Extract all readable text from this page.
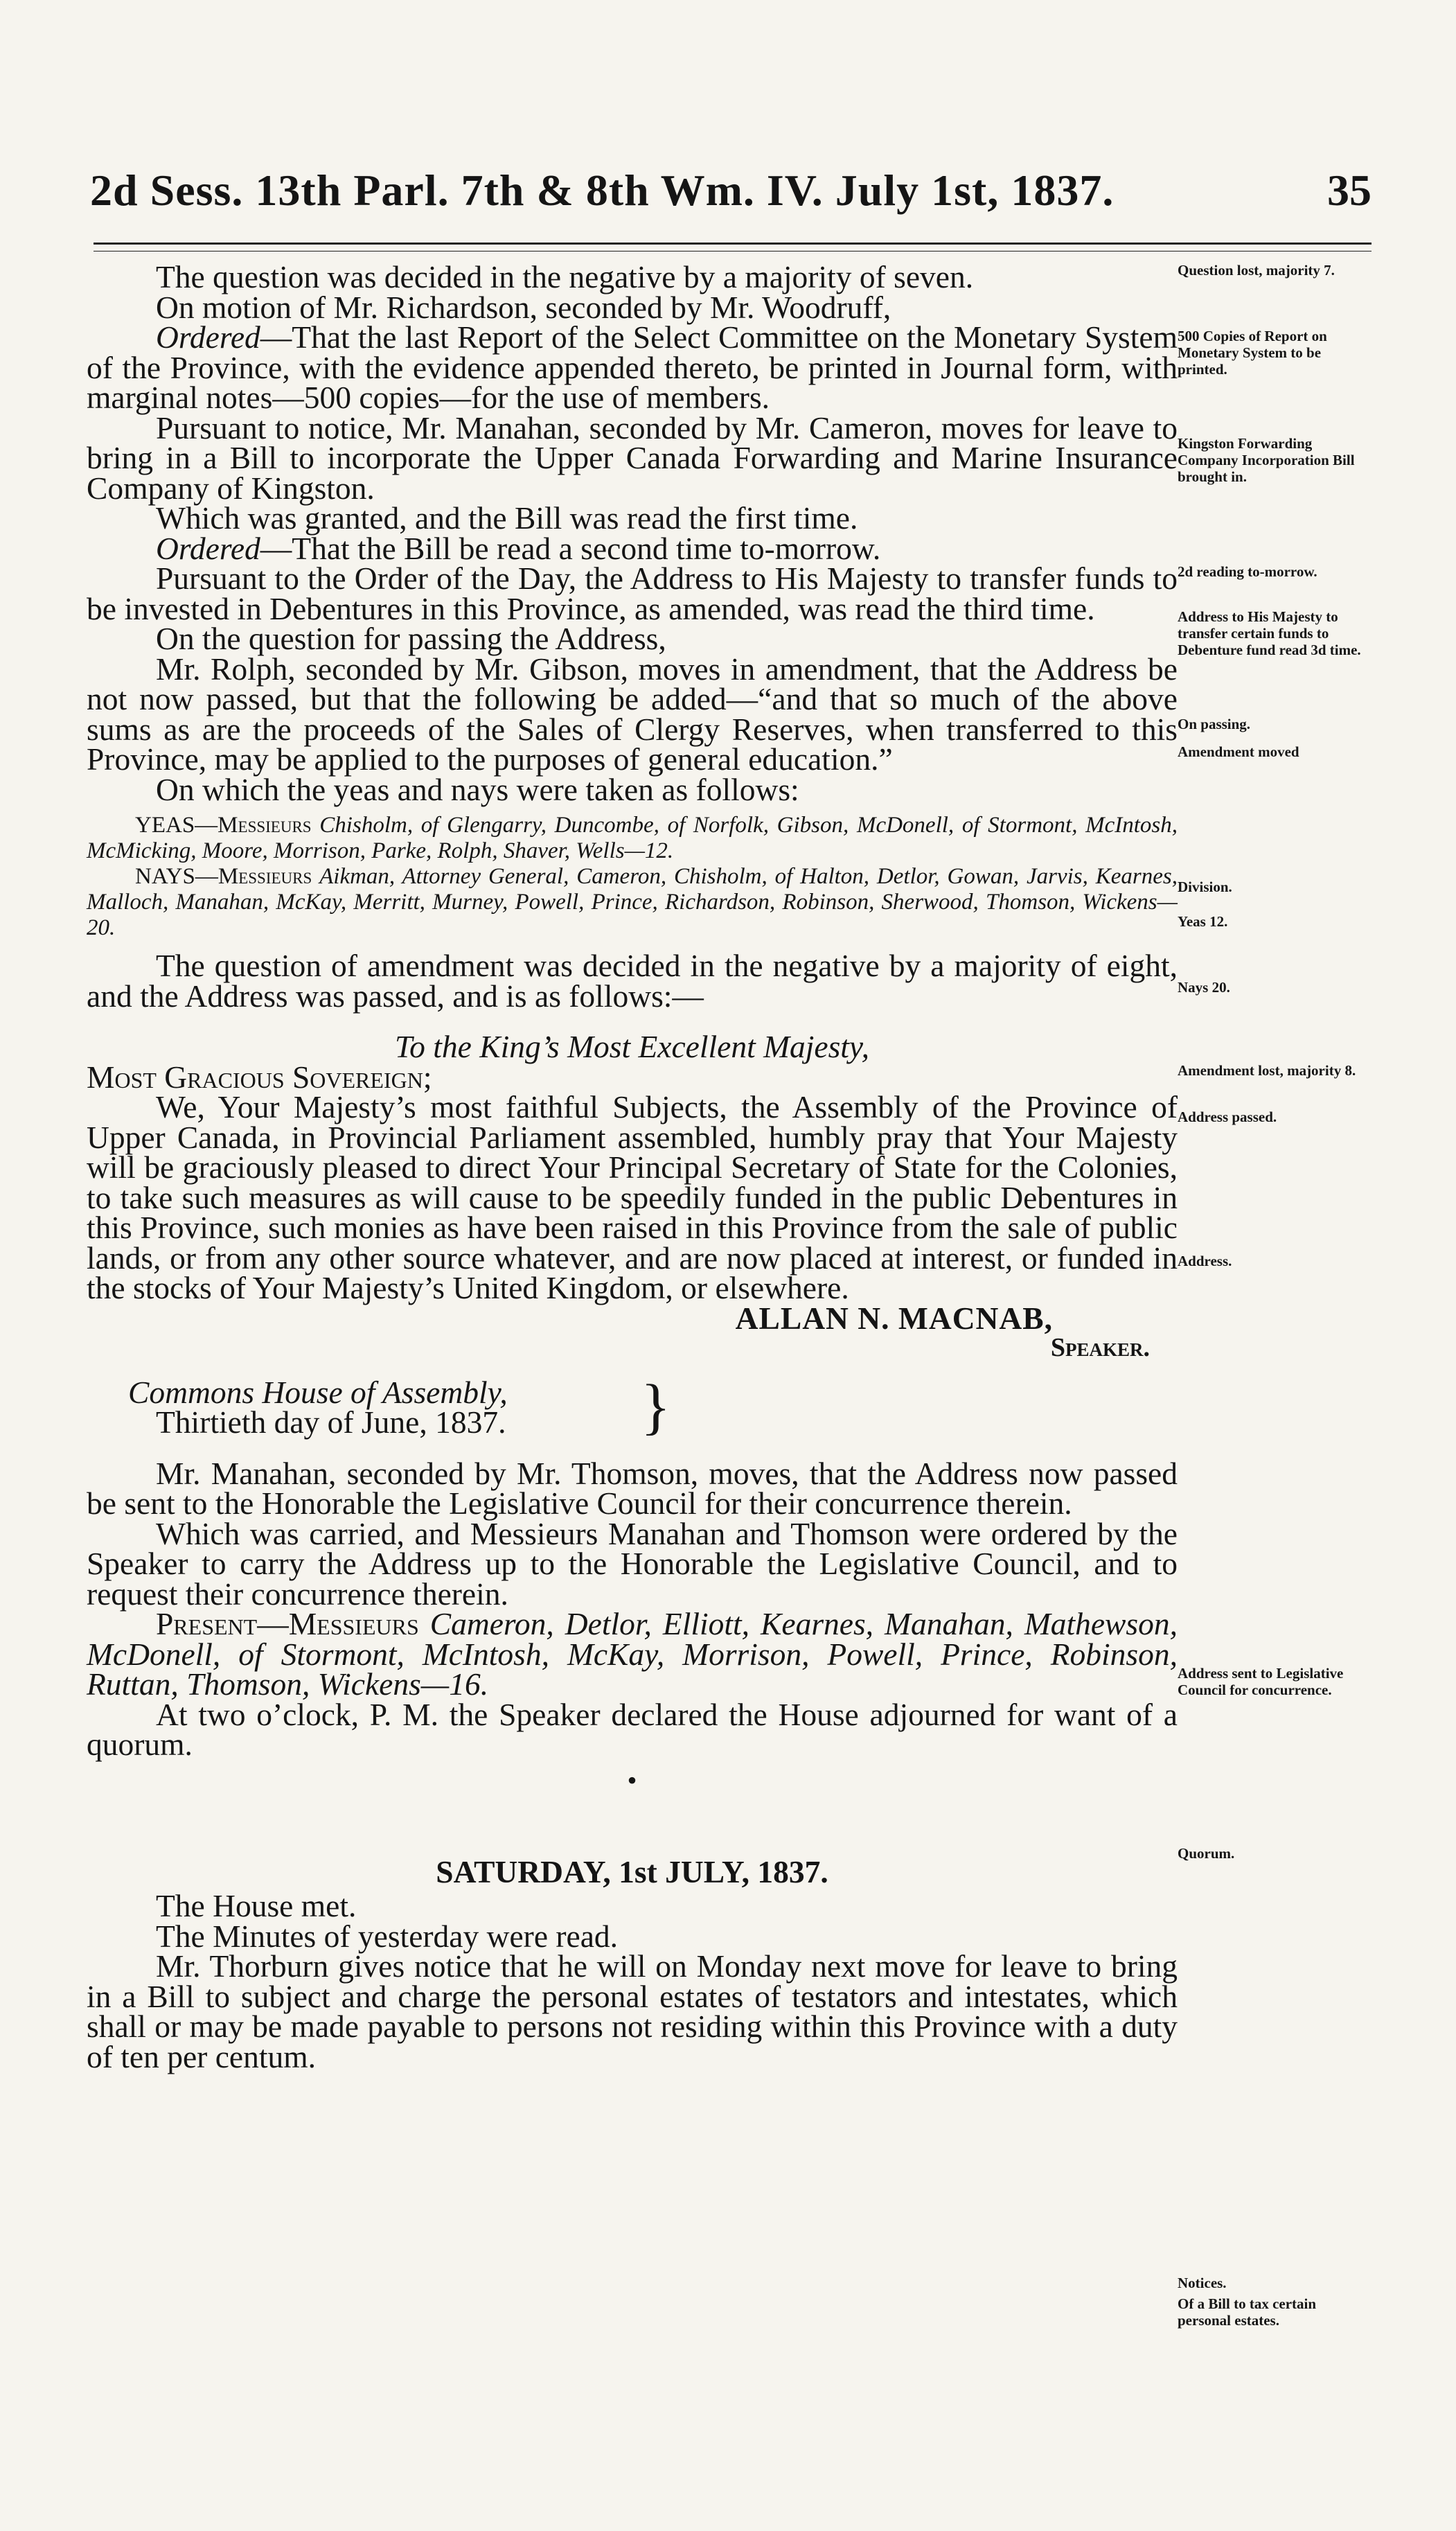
2d Sess. 13th Parl. 7th & 8th Wm. IV. July 1st, 1837.	35

The question was decided in the negative by a majority of seven.

On motion of Mr. Richardson, seconded by Mr. Woodruff,

Ordered—That the last Report of the Select Committee on the Monetary System of the Province, with the evidence appended thereto, be printed in Journal form, with marginal notes—500 copies—for the use of members.

Pursuant to notice, Mr. Manahan, seconded by Mr. Cameron, moves for leave to bring in a Bill to incorporate the Upper Canada Forwarding and Marine Insurance Company of Kingston.

Which was granted, and the Bill was read the first time.

Ordered—That the Bill be read a second time to-morrow.

Pursuant to the Order of the Day, the Address to His Majesty to transfer funds to be invested in Debentures in this Province, as amended, was read the third time.

On the question for passing the Address,

Mr. Rolph, seconded by Mr. Gibson, moves in amendment, that the Address be not now passed, but that the following be added—“and that so much of the above sums as are the proceeds of the Sales of Clergy Reserves, when transferred to this Province, may be applied to the purposes of general education.”

On which the yeas and nays were taken as follows:

YEAS—Messieurs Chisholm, of Glengarry, Duncombe, of Norfolk, Gibson, McDonell, of Stormont, McIntosh, McMicking, Moore, Morrison, Parke, Rolph, Shaver, Wells—12.

NAYS—Messieurs Aikman, Attorney General, Cameron, Chisholm, of Halton, Detlor, Gowan, Jarvis, Kearnes, Malloch, Manahan, McKay, Merritt, Murney, Powell, Prince, Richardson, Robinson, Sherwood, Thomson, Wickens—20.

The question of amendment was decided in the negative by a majority of eight, and the Address was passed, and is as follows:—

To the King’s Most Excellent Majesty,

Most Gracious Sovereign;

We, Your Majesty’s most faithful Subjects, the Assembly of the Province of Upper Canada, in Provincial Parliament assembled, humbly pray that Your Majesty will be graciously pleased to direct Your Principal Secretary of State for the Colonies, to take such measures as will cause to be speedily funded in the public Debentures in this Province, such monies as have been raised in this Province from the sale of public lands, or from any other source whatever, and are now placed at interest, or funded in the stocks of Your Majesty’s United Kingdom, or elsewhere.

ALLAN N. MACNAB,

Speaker.

Commons House of Assembly,

Thirtieth day of June, 1837.	}

Mr. Manahan, seconded by Mr. Thomson, moves, that the Address now passed be sent to the Honorable the Legislative Council for their concurrence therein.

Which was carried, and Messieurs Manahan and Thomson were ordered by the Speaker to carry the Address up to the Honorable the Legislative Council, and to request their concurrence therein.

Present—Messieurs Cameron, Detlor, Elliott, Kearnes, Manahan, Mathewson, McDonell, of Stormont, McIntosh, McKay, Morrison, Powell, Prince, Robinson, Ruttan, Thomson, Wickens—16.

At two o’clock, P. M. the Speaker declared the House adjourned for want of a quorum.

•

SATURDAY, 1st JULY, 1837.

The House met.

The Minutes of yesterday were read.

Mr. Thorburn gives notice that he will on Monday next move for leave to bring in a Bill to subject and charge the personal estates of testators and intestates, which shall or may be made payable to persons not residing within this Province with a duty of ten per centum.

Question lost, majority 7.
500 Copies of Report on Monetary System to be printed.
Kingston Forwarding Company Incorporation Bill brought in.
2d reading to-morrow.
Address to His Majesty to transfer certain funds to Debenture fund read 3d time.
On passing.
Amendment moved
Division.
Yeas 12.
Nays 20.
Amendment lost, majority 8.
Address passed.
Address.
Address sent to Legislative Council for concurrence.
Quorum.
Notices.
Of a Bill to tax certain personal estates.
